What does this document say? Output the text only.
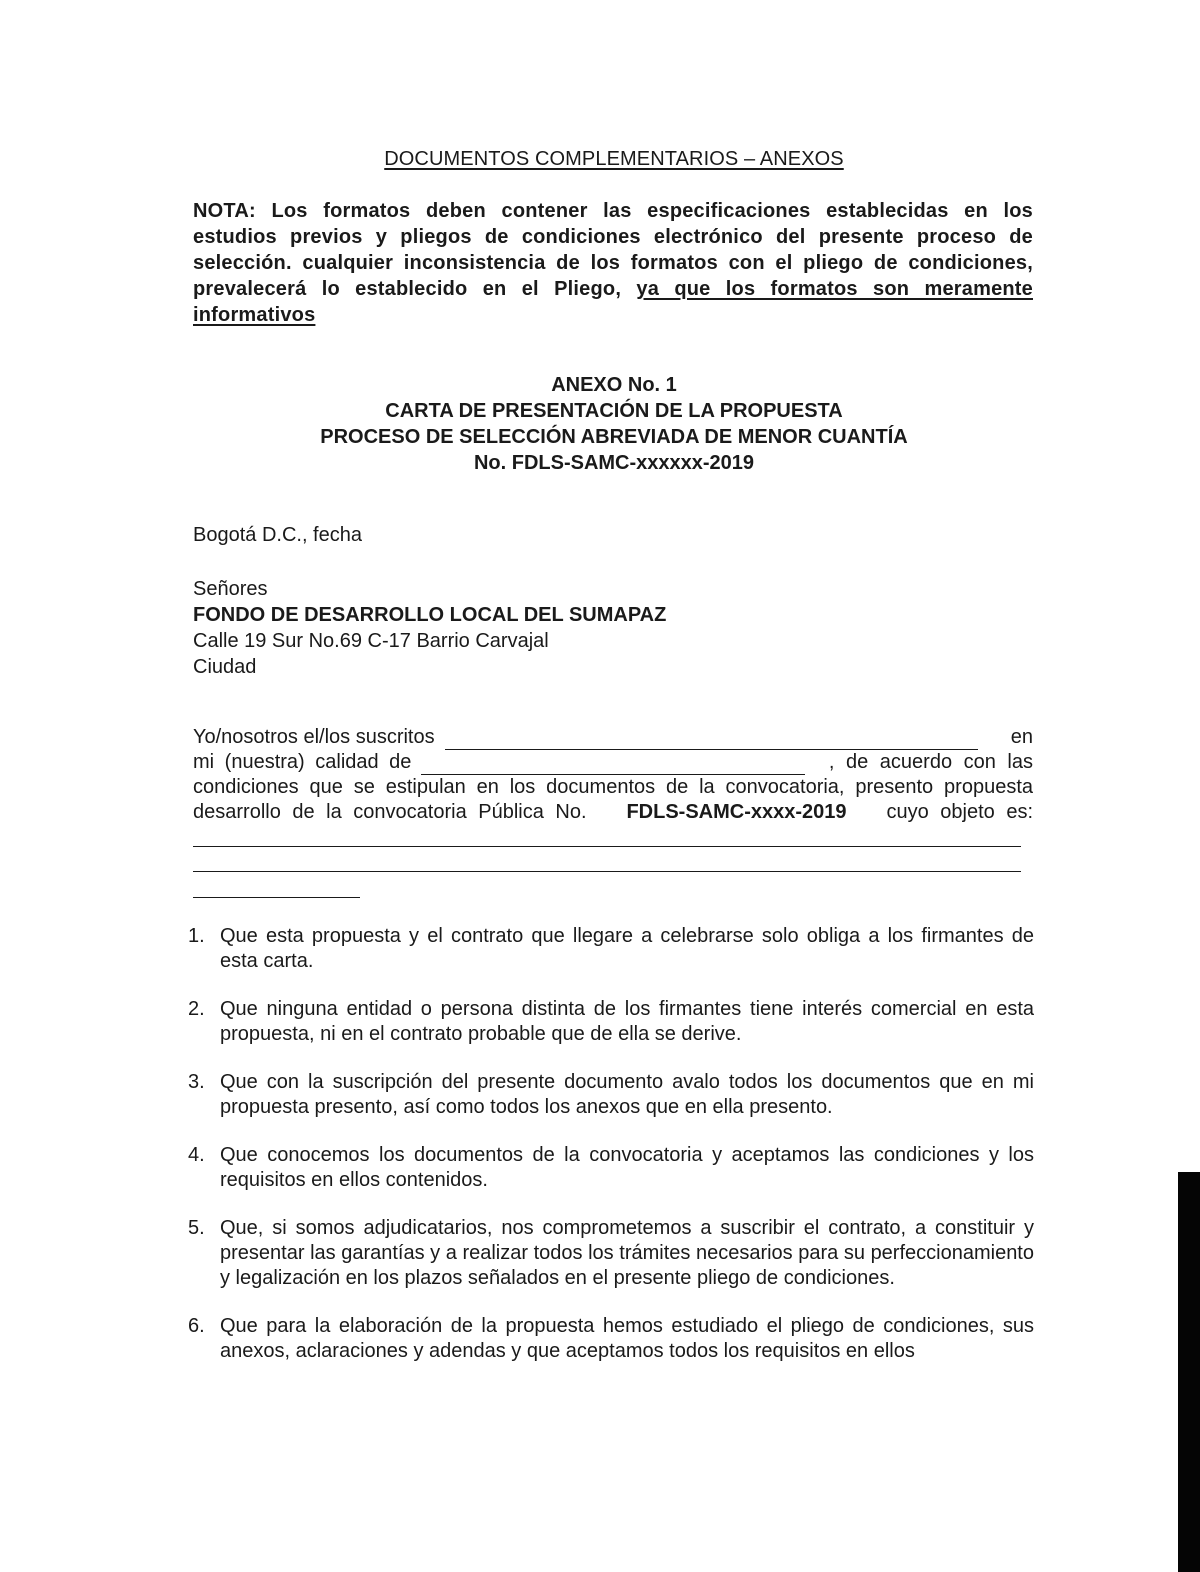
DOCUMENTOS COMPLEMENTARIOS – ANEXOS
NOTA: Los formatos deben contener las especificaciones establecidas en los estudios previos y pliegos de condiciones electrónico del presente proceso de selección. cualquier inconsistencia de los formatos con el pliego de condiciones, prevalecerá lo establecido en el Pliego, ya que los formatos son meramente informativos
ANEXO No. 1
CARTA DE PRESENTACIÓN DE LA PROPUESTA
PROCESO DE SELECCIÓN ABREVIADA DE MENOR CUANTÍA
No. FDLS-SAMC-xxxxxx-2019
Bogotá D.C., fecha
Señores
FONDO DE DESARROLLO LOCAL DEL SUMAPAZ
Calle 19 Sur No.69 C-17 Barrio Carvajal
Ciudad
Yo/nosotros el/los suscritos	en
mi (nuestra) calidad de	, de acuerdo con las
condiciones que se estipulan en los documentos de la convocatoria, presento propuesta
desarrollo de la convocatoria Pública No. FDLS-SAMC-xxxx-2019 cuyo objeto es:
1. Que esta propuesta y el contrato que llegare a celebrarse solo obliga a los firmantes de esta carta.
2. Que ninguna entidad o persona distinta de los firmantes tiene interés comercial en esta propuesta, ni en el contrato probable que de ella se derive.
3. Que con la suscripción del presente documento avalo todos los documentos que en mi propuesta presento, así como todos los anexos que en ella presento.
4. Que conocemos los documentos de la convocatoria y aceptamos las condiciones y los requisitos en ellos contenidos.
5. Que, si somos adjudicatarios, nos comprometemos a suscribir el contrato, a constituir y presentar las garantías y a realizar todos los trámites necesarios para su perfeccionamiento y legalización en los plazos señalados en el presente pliego de condiciones.
6. Que para la elaboración de la propuesta hemos estudiado el pliego de condiciones, sus anexos, aclaraciones y adendas y que aceptamos todos los requisitos en ellos
